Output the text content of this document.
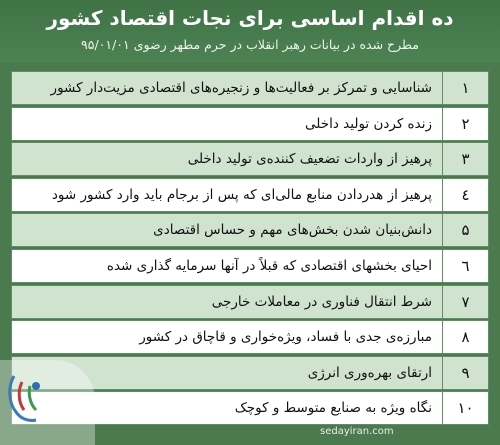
ده اقدام اساسی برای نجات اقتصاد کشور
مطرح شده در بیانات رهبر انقلاب در حرم مطهر رضوی ۹۵/۰۱/۰۱
۱
شناسایی و تمرکز بر فعالیت‌ها و زنجیره‌های اقتصادی مزیت‌دار کشور
۲
زنده کردن تولید داخلی
۳
پرهیز از واردات تضعیف کننده‌ی تولید داخلی
٤
پرهیز از هدردادن منابع مالی‌ای که پس از برجام باید وارد کشور شود
۵
دانش‌بنیان شدن بخش‌های مهم و حساس اقتصادی
٦
احیای بخشهای اقتصادی که قبلاً در آنها سرمایه گذاری شده
٧
شرط انتقال فناوری در معاملات خارجی
۸
مبارزه‌ی جدی با فساد، ویژه‌خواری و قاچاق در کشور
۹
ارتقای بهره‌وری انرژی
۱۰
نگاه ویژه به صنایع متوسط و کوچک
sedayiran.com
